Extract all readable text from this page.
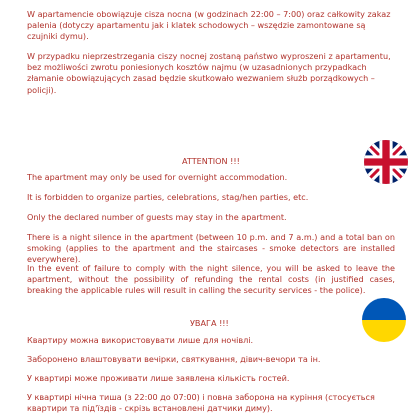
W apartamencie obowiązuje cisza nocna (w godzinach 22:00 – 7:00) oraz całkowity zakaz palenia (dotyczy apartamentu jak i klatek schodowych – wszędzie zamontowane są czujniki dymu).

W przypadku nieprzestrzegania ciszy nocnej zostaną państwo wyproszeni z apartamentu, bez możliwości zwrotu poniesionych kosztów najmu (w uzasadnionych przypadkach złamanie obowiązujących zasad będzie skutkowało wezwaniem służb porządkowych – policji).

ATTENTION !!!

The apartment may only be used for overnight accommodation.

It is forbidden to organize parties, celebrations, stag/hen parties, etc.

Only the declared number of guests may stay in the apartment.

There is a night silence in the apartment (between 10 p.m. and 7 a.m.) and a total ban on smoking (applies to the apartment and the staircases - smoke detectors are installed everywhere).

In the event of failure to comply with the night silence, you will be asked to leave the apartment, without the possibility of refunding the rental costs (in justified cases, breaking the applicable rules will result in calling the security services - the police).

УВАГА !!!

Квартиру можна використовувати лише для ночівлі.

Заборонено влаштовувати вечірки, святкування, дівич-вечори та ін.

У квартирі може проживати лише заявлена кількість гостей.

У квартирі нічна тиша (з 22:00 до 07:00) і повна заборона на куріння (стосується квартири та під'їздів - скрізь встановлені датчики диму).
